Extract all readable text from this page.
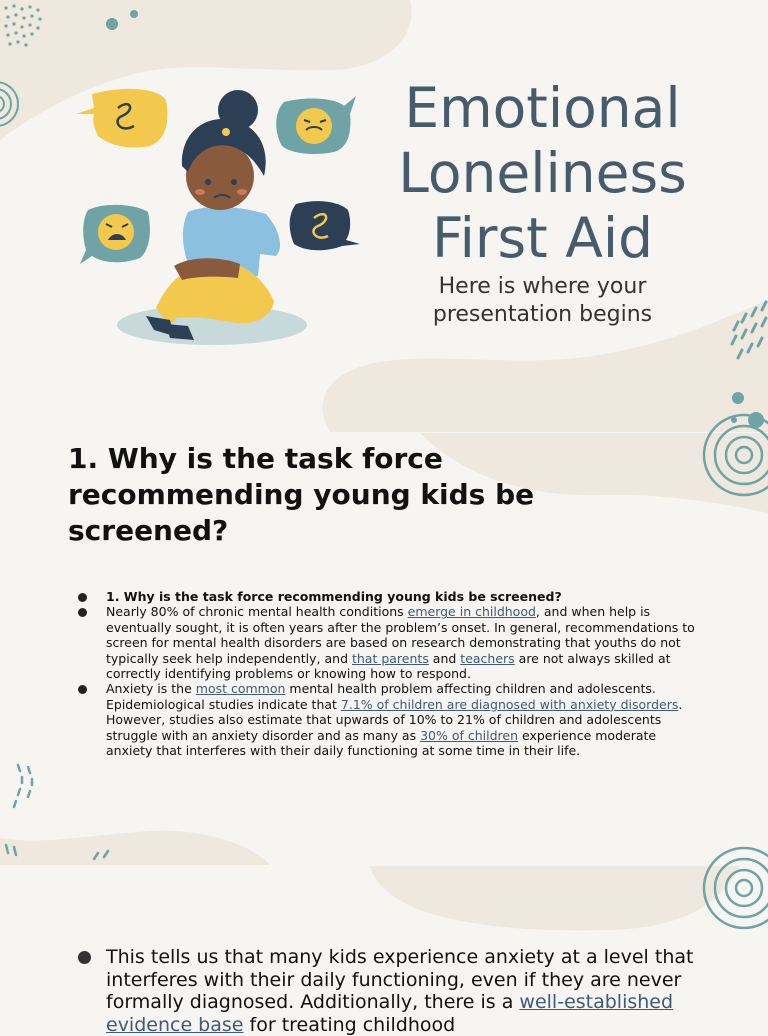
Emotional Loneliness First Aid

Here is where your presentation begins

1. Why is the task force recommending young kids be screened?
1. Why is the task force recommending young kids be screened?
Nearly 80% of chronic mental health conditions emerge in childhood, and when help is eventually sought, it is often years after the problem’s onset. In general, recommendations to screen for mental health disorders are based on research demonstrating that youths do not typically seek help independently, and that parents and teachers are not always skilled at correctly identifying problems or knowing how to respond.
Anxiety is the most common mental health problem affecting children and adolescents. Epidemiological studies indicate that 7.1% of children are diagnosed with anxiety disorders. However, studies also estimate that upwards of 10% to 21% of children and adolescents struggle with an anxiety disorder and as many as 30% of children experience moderate anxiety that interferes with their daily functioning at some time in their life.
This tells us that many kids experience anxiety at a level that interferes with their daily functioning, even if they are never formally diagnosed. Additionally, there is a well-established evidence base for treating childhood
